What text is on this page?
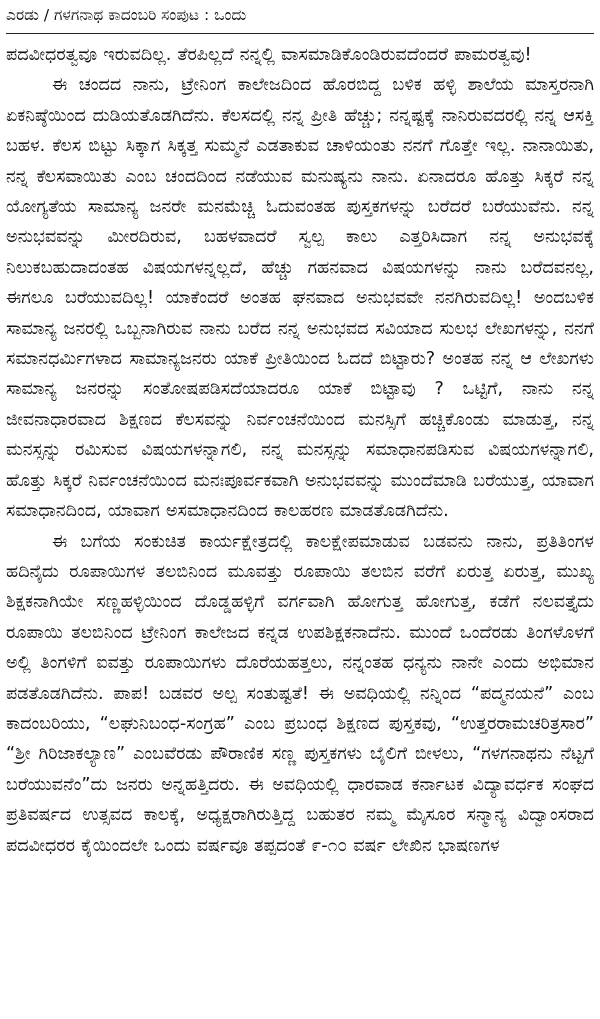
ಎರಡು / ಗಳಗನಾಥ ಕಾದಂಬರಿ ಸಂಪುಟ : ಒಂದು

ಪದವೀಧರತ್ವವೂ ಇರುವದಿಲ್ಲ. ತೆರಪಿಲ್ಲದೆ ನನ್ನಲ್ಲಿ ವಾಸಮಾಡಿಕೊಂಡಿರುವದೆಂದರೆ ಪಾಮರತ್ವವು!

ಈ ಚಂದದ ನಾನು, ಟ್ರೇನಿಂಗ ಕಾಲೇಜದಿಂದ ಹೊರಬಿದ್ದ ಬಳಿಕ ಹಳ್ಳಿ ಶಾಲೆಯ ಮಾಸ್ತರನಾಗಿ ಏಕನಿಷ್ಠೆಯಿಂದ ದುಡಿಯತೊಡಗಿದೆನು. ಕೆಲಸದಲ್ಲಿ ನನ್ನ ಪ್ರೀತಿ ಹೆಚ್ಚು; ನನ್ನಷ್ಟಕ್ಕೆ ನಾನಿರುವದರಲ್ಲಿ ನನ್ನ ಆಸಕ್ತಿ ಬಹಳ. ಕೆಲಸ ಬಿಟ್ಟು ಸಿಕ್ಕಾಗ ಸಿಕ್ಕತ್ತ ಸುಮ್ಮನೆ ಎಡತಾಕುವ ಚಾಳಿಯಂತು ನನಗೆ ಗೊತ್ತೇ ಇಲ್ಲ. ನಾನಾಯಿತು, ನನ್ನ ಕೆಲಸವಾಯಿತು ಎಂಬ ಚಂದದಿಂದ ನಡೆಯುವ ಮನುಷ್ಯನು ನಾನು. ಏನಾದರೂ ಹೊತ್ತು ಸಿಕ್ಕರೆ ನನ್ನ ಯೋಗ್ಯತೆಯ ಸಾಮಾನ್ಯ ಜನರೇ ಮನಮೆಚ್ಚಿ ಓದುವಂತಹ ಪುಸ್ತಕಗಳನ್ನು ಬರೆದರೆ ಬರೆಯುವೆನು. ನನ್ನ ಅನುಭವವನ್ನು ಮೀರದಿರುವ, ಬಹಳವಾದರೆ ಸ್ವಲ್ಪ ಕಾಲು ಎತ್ತರಿಸಿದಾಗ ನನ್ನ ಅನುಭವಕ್ಕೆ ನಿಲುಕಬಹುದಾದಂತಹ ವಿಷಯಗಳನ್ನಲ್ಲದೆ, ಹೆಚ್ಚು ಗಹನವಾದ ವಿಷಯಗಳನ್ನು ನಾನು ಬರೆದವನಲ್ಲ, ಈಗಲೂ ಬರೆಯುವದಿಲ್ಲ! ಯಾಕೆಂದರೆ ಅಂತಹ ಘನವಾದ ಅನುಭವವೇ ನನಗಿರುವದಿಲ್ಲ! ಅಂದಬಳಿಕ ಸಾಮಾನ್ಯ ಜನರಲ್ಲಿ ಒಬ್ಬನಾಗಿರುವ ನಾನು ಬರೆದ ನನ್ನ ಅನುಭವದ ಸವಿಯಾದ ಸುಲಭ ಲೇಖಗಳನ್ನು, ನನಗೆ ಸಮಾನಧರ್ಮಿಗಳಾದ ಸಾಮಾನ್ಯಜನರು ಯಾಕೆ ಪ್ರೀತಿಯಿಂದ ಓದದೆ ಬಿಟ್ಟಾರು? ಅಂತಹ ನನ್ನ ಆ ಲೇಖಗಳು ಸಾಮಾನ್ಯ ಜನರನ್ನು ಸಂತೋಷಪಡಿಸದೆಯಾದರೂ ಯಾಕೆ ಬಿಟ್ಟಾವು ? ಒಟ್ಟಿಗೆ, ನಾನು ನನ್ನ ಜೀವನಾಧಾರವಾದ ಶಿಕ್ಷಣದ ಕೆಲಸವನ್ನು ನಿರ್ವಂಚನೆಯಿಂದ ಮನಸ್ಸಿಗೆ ಹಚ್ಚಿಕೊಂಡು ಮಾಡುತ್ತ, ನನ್ನ ಮನಸ್ಸನ್ನು ರಮಿಸುವ ವಿಷಯಗಳನ್ನಾಗಲಿ, ನನ್ನ ಮನಸ್ಸನ್ನು ಸಮಾಧಾನಪಡಿಸುವ ವಿಷಯಗಳನ್ನಾಗಲಿ, ಹೊತ್ತು ಸಿಕ್ಕರೆ ನಿರ್ವಂಚನೆಯಿಂದ ಮನಃಪೂರ್ವಕವಾಗಿ ಅನುಭವವನ್ನು ಮುಂದೆಮಾಡಿ ಬರೆಯುತ್ತ, ಯಾವಾಗ ಸಮಾಧಾನದಿಂದ, ಯಾವಾಗ ಅಸಮಾಧಾನದಿಂದ ಕಾಲಹರಣ ಮಾಡತೊಡಗಿದೆನು.

ಈ ಬಗೆಯ ಸಂಕುಚಿತ ಕಾರ್ಯಕ್ಷೇತ್ರದಲ್ಲಿ ಕಾಲಕ್ಷೇಪಮಾಡುವ ಬಡವನು ನಾನು, ಪ್ರತಿತಿಂಗಳ ಹದಿನೈದು ರೂಪಾಯಿಗಳ ತಲಬಿನಿಂದ ಮೂವತ್ತು ರೂಪಾಯಿ ತಲಬಿನ ವರೆಗೆ ಏರುತ್ತ ಏರುತ್ತ, ಮುಖ್ಯ ಶಿಕ್ಷಕನಾಗಿಯೇ ಸಣ್ಣಹಳ್ಳಿಯಿಂದ ದೊಡ್ಡಹಳ್ಳಿಗೆ ವರ್ಗವಾಗಿ ಹೋಗುತ್ತ ಹೋಗುತ್ತ, ಕಡೆಗೆ ನಲವತ್ತೈದು ರೂಪಾಯಿ ತಲಬಿನಿಂದ ಟ್ರೇನಿಂಗ ಕಾಲೇಜದ ಕನ್ನಡ ಉಪಶಿಕ್ಷಕನಾದೆನು. ಮುಂದೆ ಒಂದೆರಡು ತಿಂಗಳೊಳಗೆ ಅಲ್ಲಿ ತಿಂಗಳಿಗೆ ಐವತ್ತು ರೂಪಾಯಿಗಳು ದೊರೆಯಹತ್ತಲು, ನನ್ನಂತಹ ಧನ್ಯನು ನಾನೇ ಎಂದು ಅಭಿಮಾನ ಪಡತೊಡಗಿದೆನು. ಪಾಪ! ಬಡವರ ಅಲ್ಪ ಸಂತುಷ್ಟತೆ! ಈ ಅವಧಿಯಲ್ಲಿ ನನ್ನಿಂದ “ಪದ್ಮನಯನೆ” ಎಂಬ ಕಾದಂಬರಿಯು, “ಲಘುನಿಬಂಧ-ಸಂಗ್ರಹ” ಎಂಬ ಪ್ರಬಂಧ ಶಿಕ್ಷಣದ ಪುಸ್ತಕವು, “ಉತ್ತರರಾಮಚರಿತ್ರಸಾರ” “ಶ್ರೀ ಗಿರಿಜಾಕಲ್ಯಾಣ” ಎಂಬವೆರಡು ಪೌರಾಣಿಕ ಸಣ್ಣ ಪುಸ್ತಕಗಳು ಬೈಲಿಗೆ ಬೀಳಲು, “ಗಳಗನಾಥನು ನೆಟ್ಟಗೆ ಬರೆಯುವನೆಂ”ದು ಜನರು ಅನ್ನಹತ್ತಿದರು. ಈ ಅವಧಿಯಲ್ಲಿ ಧಾರವಾಡ ಕರ್ನಾಟಕ ವಿದ್ಯಾವರ್ಧಕ ಸಂಘದ ಪ್ರತಿವರ್ಷದ ಉತ್ಸವದ ಕಾಲಕ್ಕೆ, ಅಧ್ಯಕ್ಷರಾಗಿರುತ್ತಿದ್ದ ಬಹುತರ ನಮ್ಮ ಮೈಸೂರ ಸನ್ಮಾನ್ಯ ವಿದ್ವಾಂಸರಾದ ಪದವೀಧರರ ಕೈಯಿಂದಲೇ ಒಂದು ವರ್ಷವೂ ತಪ್ಪದಂತೆ ೯-೧೦ ವರ್ಷ ಲೇಖಿನ ಭಾಷಣಗಳ
